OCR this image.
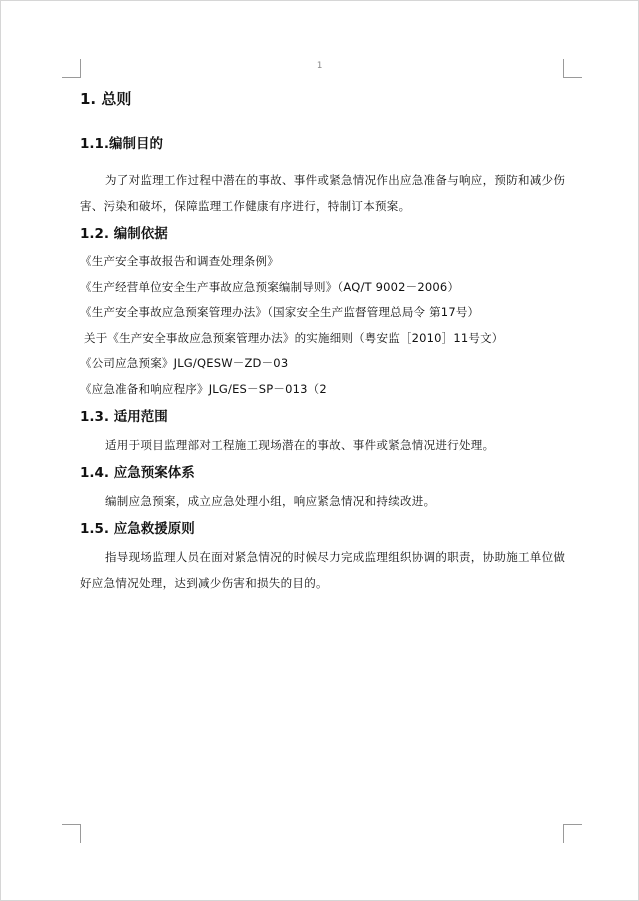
1
1. 总则
1.1.编制目的

为了对监理工作过程中潜在的事故、事件或紧急情况作出应急准备与响应，预防和减少伤害、污染和破坏，保障监理工作健康有序进行，特制订本预案。

1.2. 编制依据

《生产安全事故报告和调查处理条例》

《生产经营单位安全生产事故应急预案编制导则》（AQ/T 9002－2006）

《生产安全事故应急预案管理办法》（国家安全生产监督管理总局令 第17号）

关于《生产安全事故应急预案管理办法》的实施细则（粤安监［2010］11号文）

《公司应急预案》JLG/QESW－ZD－03

《应急准备和响应程序》JLG/ES－SP－013（2

1.3. 适用范围

适用于项目监理部对工程施工现场潜在的事故、事件或紧急情况进行处理。

1.4. 应急预案体系

编制应急预案，成立应急处理小组，响应紧急情况和持续改进。

1.5. 应急救援原则

指导现场监理人员在面对紧急情况的时候尽力完成监理组织协调的职责，协助施工单位做好应急情况处理，达到减少伤害和损失的目的。
